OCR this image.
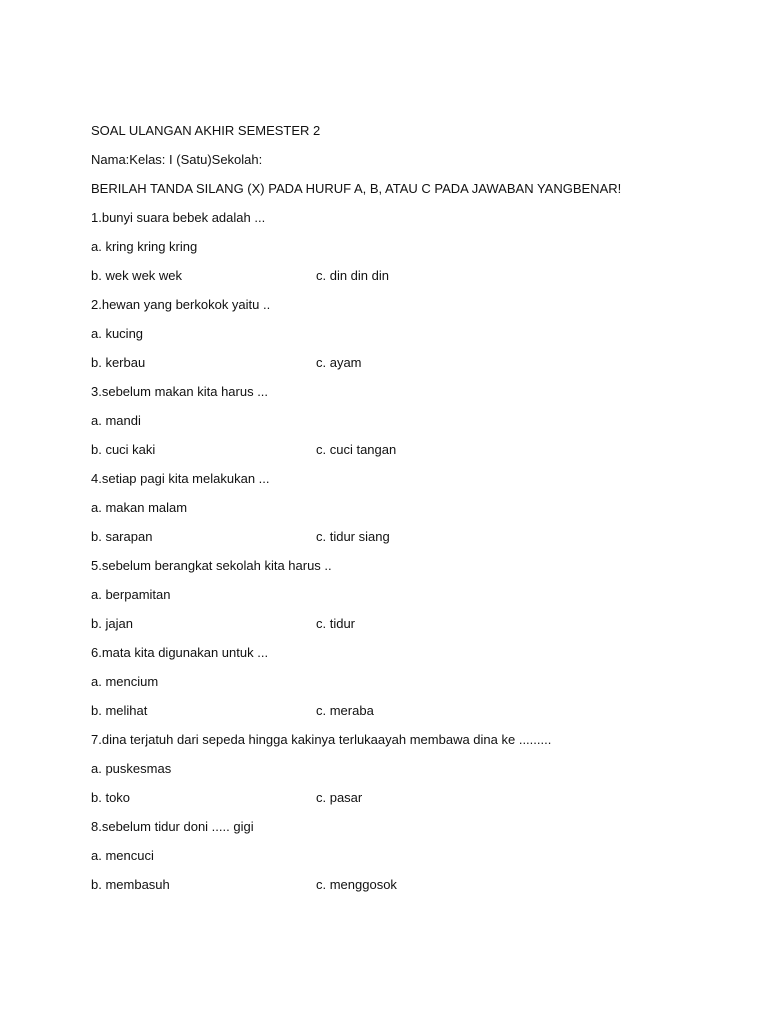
SOAL ULANGAN AKHIR SEMESTER 2
Nama:Kelas: I (Satu)Sekolah:
BERILAH TANDA SILANG (X) PADA HURUF A, B, ATAU C PADA JAWABAN YANGBENAR!
1.bunyi suara bebek adalah ...
a. kring kring kring
b. wek wek wek	c. din din din
2.hewan yang berkokok yaitu ..
a. kucing
b. kerbau	c. ayam
3.sebelum makan kita harus ...
a. mandi
b. cuci kaki	c. cuci tangan
4.setiap pagi kita melakukan ...
a. makan malam
b. sarapan	c. tidur siang
5.sebelum berangkat sekolah kita harus ..
a. berpamitan
b. jajan	c. tidur
6.mata kita digunakan untuk ...
a. mencium
b. melihat	c. meraba
7.dina terjatuh dari sepeda hingga kakinya terlukaayah membawa dina ke .........
a. puskesmas
b. toko	c. pasar
8.sebelum tidur doni ..... gigi
a. mencuci
b. membasuh	c. menggosok
